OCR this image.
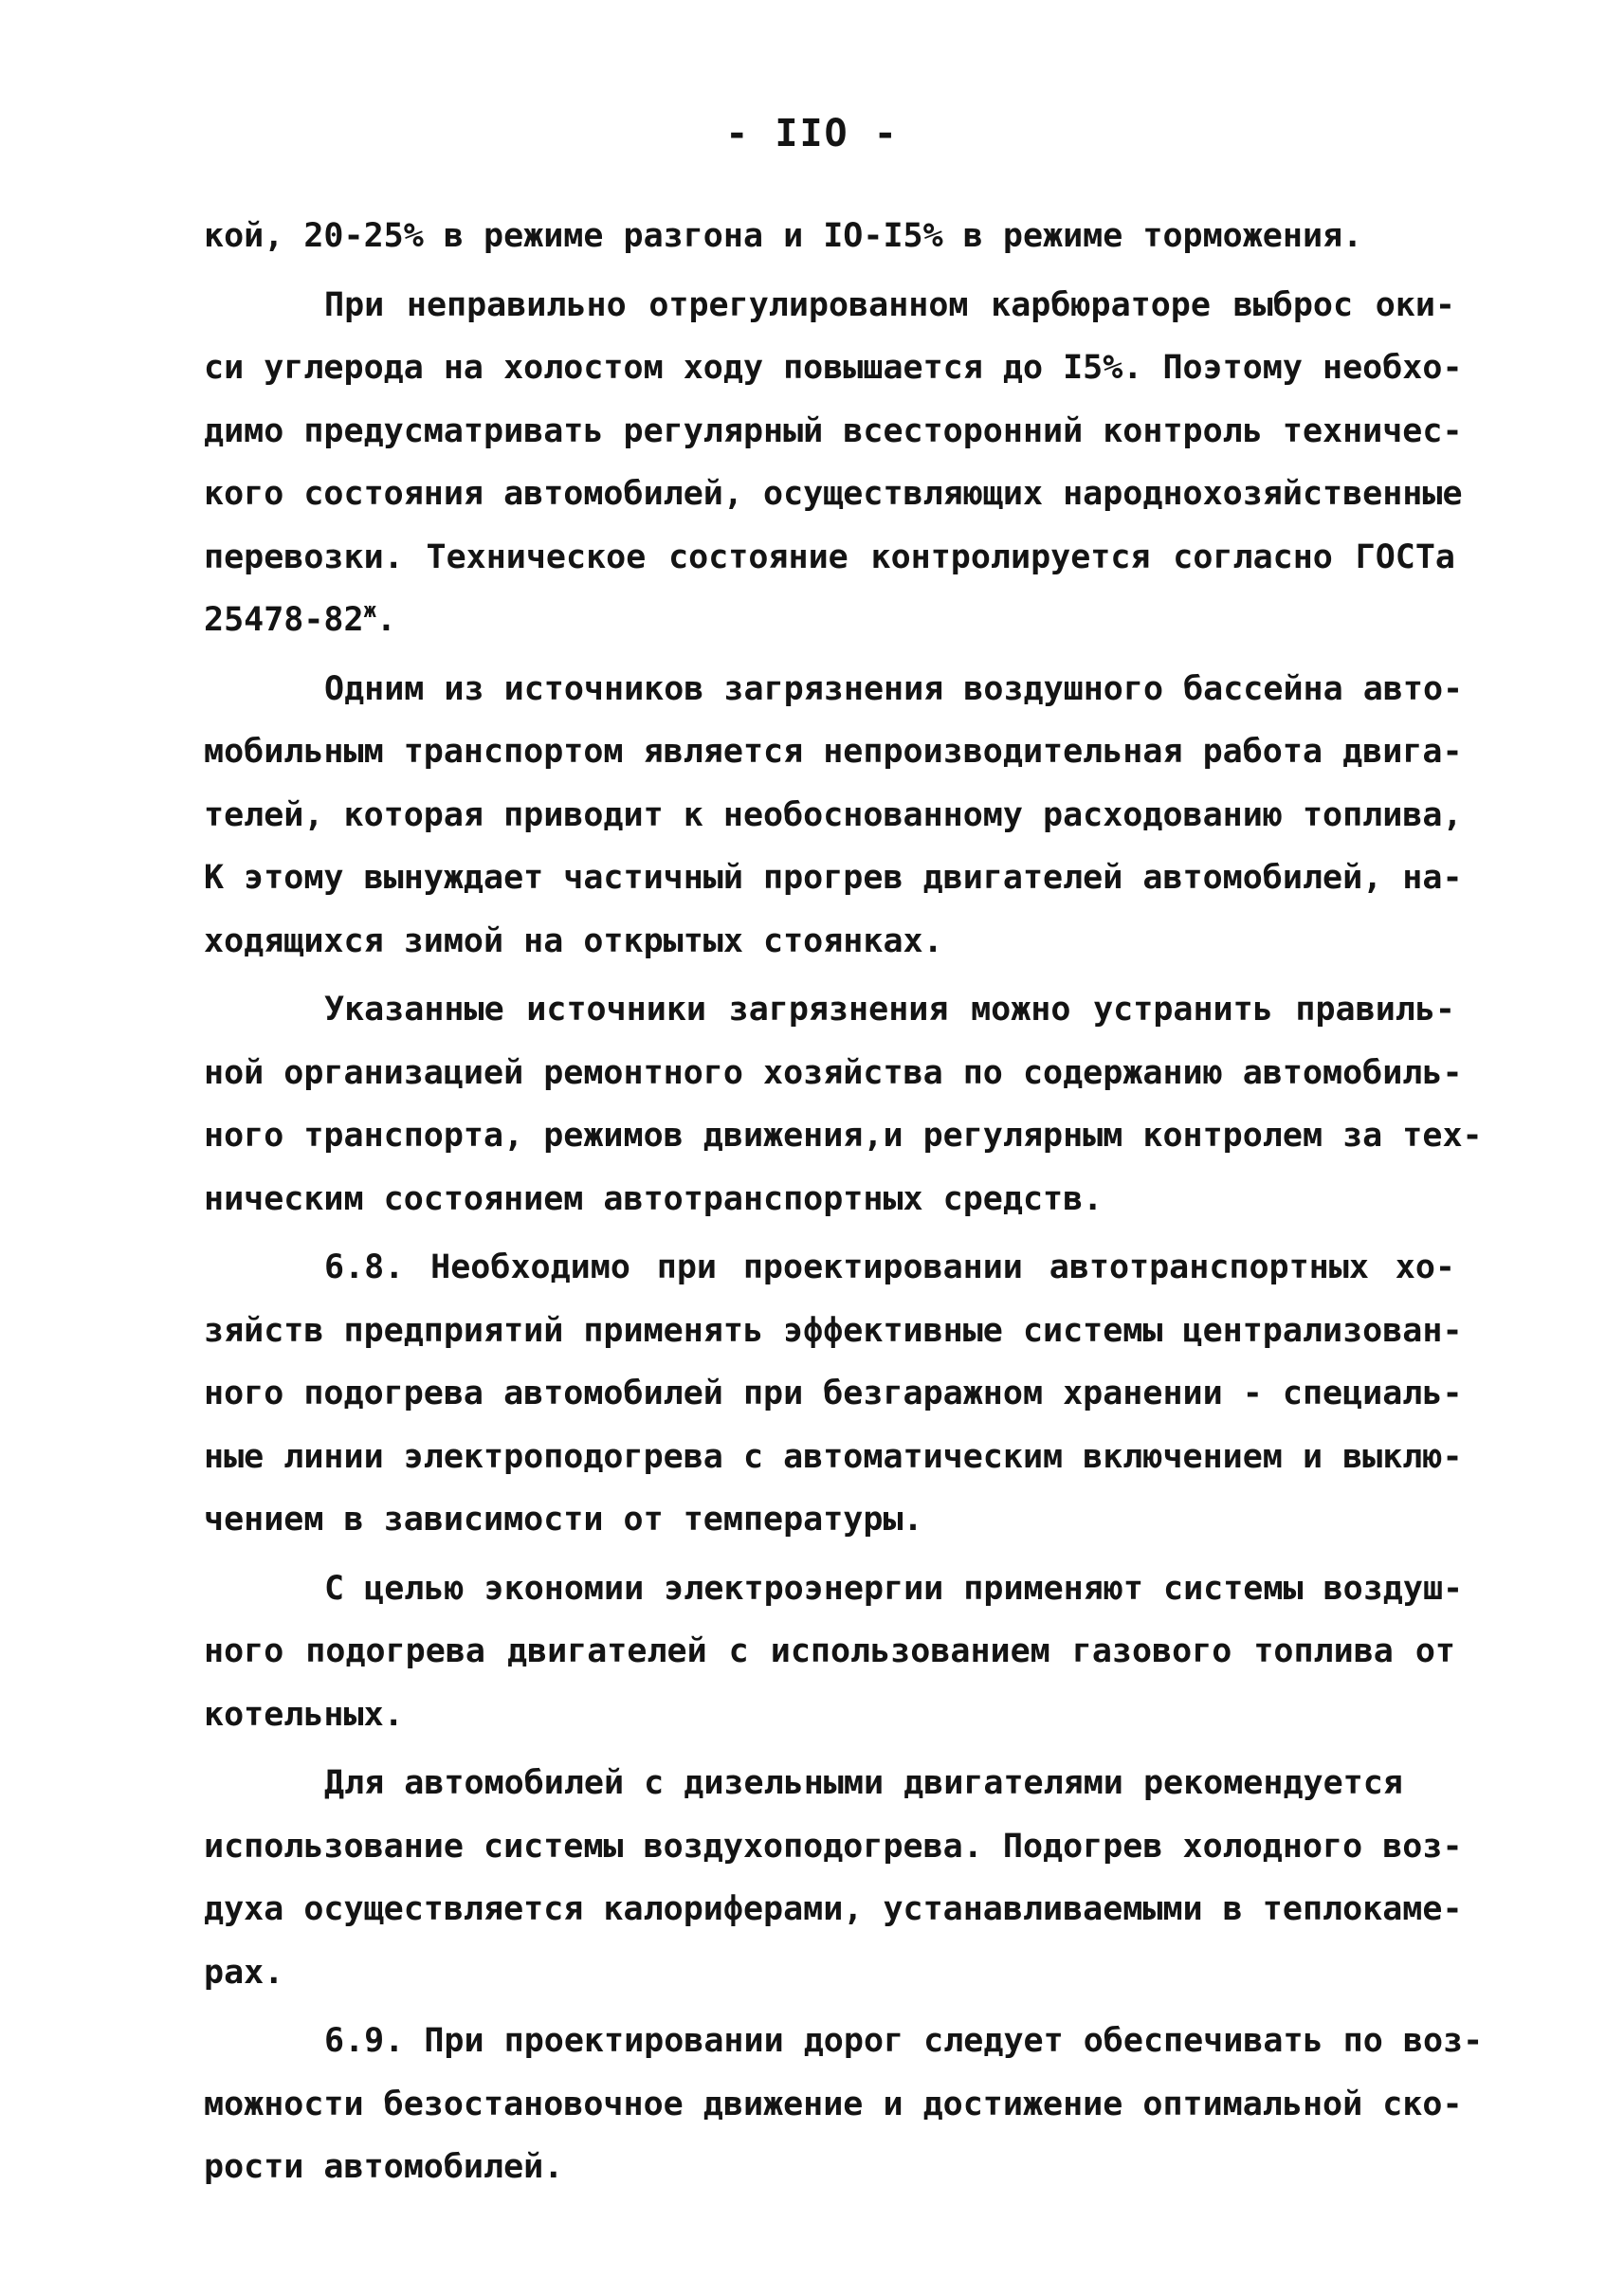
- IIO -
кой, 20-25% в режиме разгона и IO-I5% в режиме торможения.
При неправильно отрегулированном карбюраторе выброс оки-
си углерода на холостом ходу повышается до I5%. Поэтому необхо-
димо предусматривать регулярный всесторонний контроль техничес-
кого состояния автомобилей, осуществляющих народнохозяйственные
перевозки. Техническое состояние контролируется согласно ГОСТа
$25478-82^ж$.
Одним из источников загрязнения воздушного бассейна авто-
мобильным транспортом является непроизводительная работа двига-
телей, которая приводит к необоснованному расходованию топлива,
К этому вынуждает частичный прогрев двигателей автомобилей, на-
ходящихся зимой на открытых стоянках.
Указанные источники загрязнения можно устранить правиль-
ной организацией ремонтного хозяйства по содержанию автомобиль-
ного транспорта, режимов движения,и регулярным контролем за тех-
ническим состоянием автотранспортных средств.
6.8. Необходимо при проектировании автотранспортных хо-
зяйств предприятий применять эффективные системы централизован-
ного подогрева автомобилей при безгаражном хранении - специаль-
ные линии электроподогрева с автоматическим включением и выклю-
чением в зависимости от температуры.
С целью экономии электроэнергии применяют системы воздуш-
ного подогрева двигателей с использованием газового топлива от
котельных.
Для автомобилей с дизельными двигателями рекомендуется
использование системы воздухоподогрева. Подогрев холодного воз-
духа осуществляется калориферами, устанавливаемыми в теплокаме-
рах.
6.9. При проектировании дорог следует обеспечивать по воз-
можности безостановочное движение и достижение оптимальной ско-
рости автомобилей.
